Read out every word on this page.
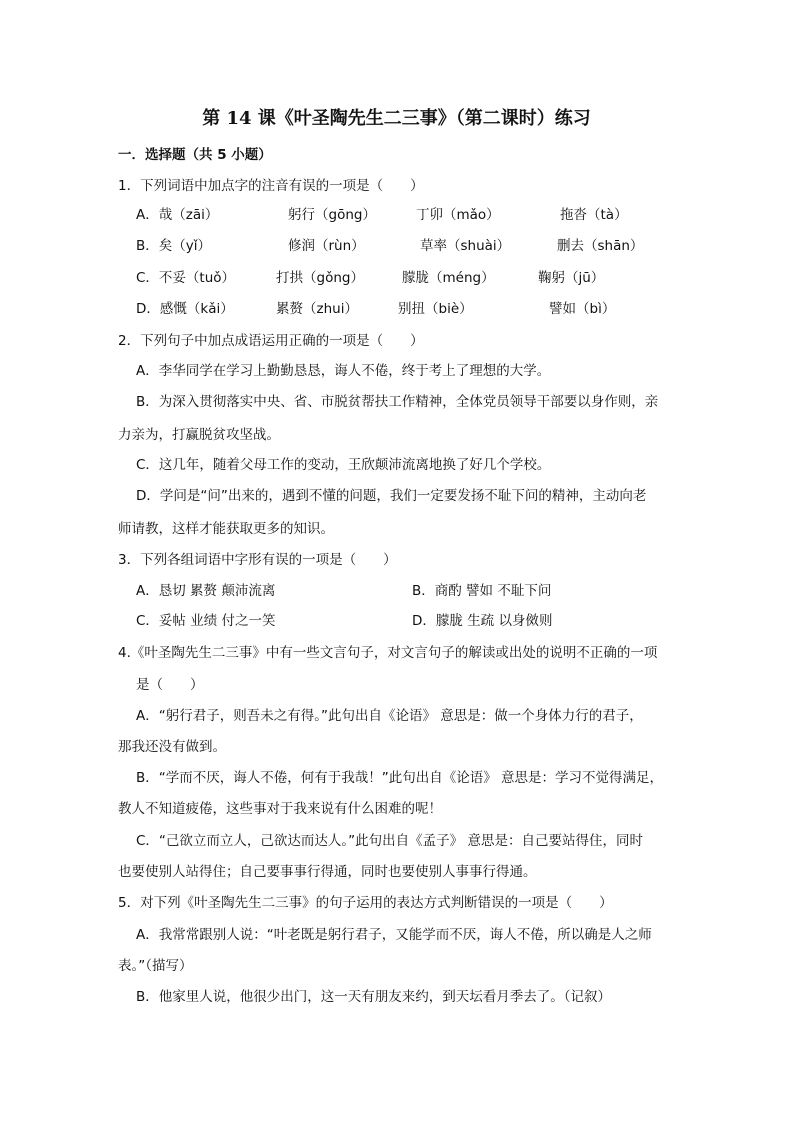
第 14 课《叶圣陶先生二三事》（第二课时）练习
一．选择题（共 5 小题）
1．下列词语中加点字的注音有误的一项是（　　）
A．哉（zāi）	躬行（gōng）	丁卯（mǎo）	拖沓（tà）
B．矣（yǐ）	修润（rùn）	草率（shuài）	删去（shān）
C．不妥（tuǒ）	打拱（gǒng）	朦胧（méng）	鞠躬（jū）
D．感慨（kǎi）	累赘（zhui）	别扭（biè）	譬如（bì）
2．下列句子中加点成语运用正确的一项是（　　）
A．李华同学在学习上勤勤恳恳，诲人不倦，终于考上了理想的大学。
B．为深入贯彻落实中央、省、市脱贫帮扶工作精神，全体党员领导干部要以身作则，亲
力亲为，打赢脱贫攻坚战。
C．这几年，随着父母工作的变动，王欣颠沛流离地换了好几个学校。
D．学问是“问”出来的，遇到不懂的问题，我们一定要发扬不耻下问的精神，主动向老
师请教，这样才能获取更多的知识。
3．下列各组词语中字形有误的一项是（　　）
A．恳切 累赘 颠沛流离	B．商酌 譬如 不耻下问
C．妥帖 业绩 付之一笑	D．朦胧 生疏 以身傚则
4.《叶圣陶先生二三事》中有一些文言句子，对文言句子的解读或出处的说明不正确的一项
是（　　）
A．“躬行君子，则吾未之有得。”此句出自《论语》 意思是：做一个身体力行的君子，
那我还没有做到。
B．“学而不厌，诲人不倦，何有于我哉！”此句出自《论语》 意思是：学习不觉得满足，
教人不知道疲倦，这些事对于我来说有什么困难的呢！
C．“己欲立而立人，己欲达而达人。”此句出自《孟子》 意思是：自己要站得住，同时
也要使别人站得住；自己要事事行得通，同时也要使别人事事行得通。
5．对下列《叶圣陶先生二三事》的句子运用的表达方式判断错误的一项是（　　）
A．我常常跟别人说：“叶老既是躬行君子，又能学而不厌，诲人不倦，所以确是人之师
表。”（描写）
B．他家里人说，他很少出门，这一天有朋友来约，到天坛看月季去了。（记叙）
